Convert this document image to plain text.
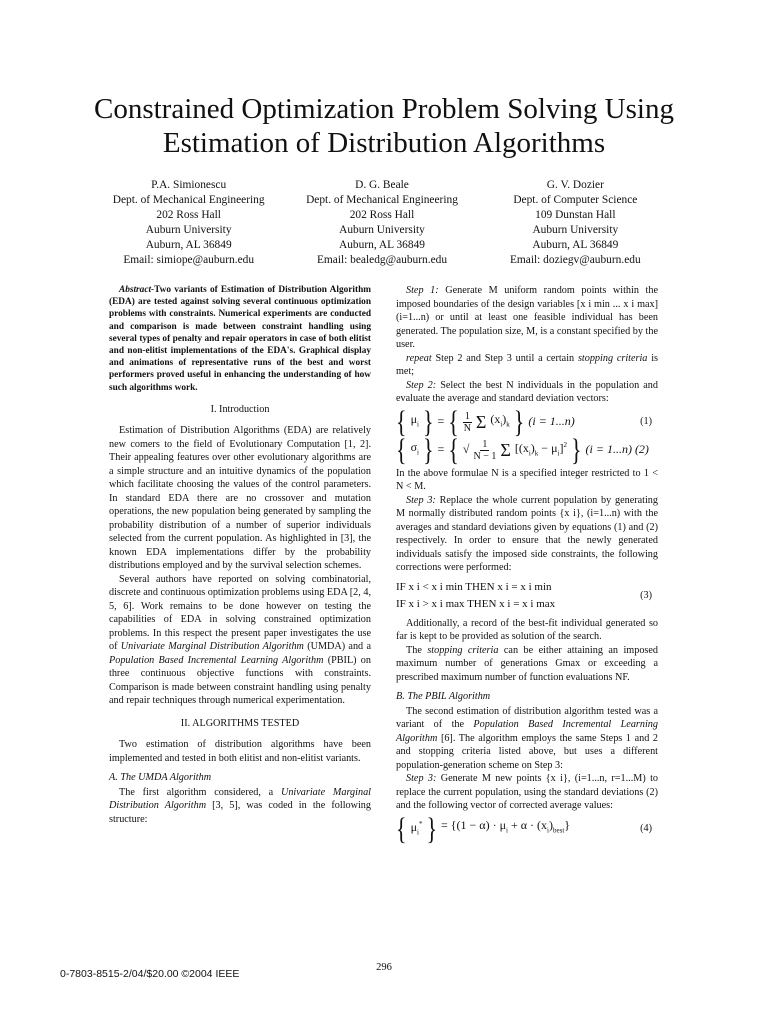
Constrained Optimization Problem Solving Using
Estimation of Distribution Algorithms
P.A. Simionescu
Dept. of Mechanical Engineering
202 Ross Hall
Auburn University
Auburn, AL 36849
Email: simiope@auburn.edu
D. G. Beale
Dept. of Mechanical Engineering
202 Ross Hall
Auburn University
Auburn, AL 36849
Email: bealedg@auburn.edu
G. V. Dozier
Dept. of Computer Science
109 Dunstan Hall
Auburn University
Auburn, AL 36849
Email: doziegv@auburn.edu

Abstract-Two variants of Estimation of Distribution Algorithm (EDA) are tested against solving several continuous optimization problems with constraints. Numerical experiments are conducted and comparison is made between constraint handling using several types of penalty and repair operators in case of both elitist and non-elitist implementations of the EDA's. Graphical display and animations of representative runs of the best and worst performers proved useful in enhancing the understanding of how such algorithms work.

I. Introduction

Estimation of Distribution Algorithms (EDA) are relatively new comers to the field of Evolutionary Computation [1, 2]. Their appealing features over other evolutionary algorithms are a simple structure and an intuitive dynamics of the population which facilitate choosing the values of the control parameters. In standard EDA there are no crossover and mutation operations, the new population being generated by sampling the probability distribution of a number of superior individuals selected from the current population. As highlighted in [3], the known EDA implementations differ by the probability distributions employed and by the survival selection schemes.

Several authors have reported on solving combinatorial, discrete and continuous optimization problems using EDA [2, 4, 5, 6]. Work remains to be done however on testing the capabilities of EDA in solving constrained optimization problems. In this respect the present paper investigates the use of Univariate Marginal Distribution Algorithm (UMDA) and a Population Based Incremental Learning Algorithm (PBIL) on three continuous objective functions with constraints. Comparison is made between constraint handling using penalty and repair techniques through numerical experimentation.

II. ALGORITHMS TESTED

Two estimation of distribution algorithms have been implemented and tested in both elitist and non-elitist variants.

A. The UMDA Algorithm

The first algorithm considered, a Univariate Marginal Distribution Algorithm [3, 5], was coded in the following structure:

Step 1: Generate M uniform random points within the imposed boundaries of the design variables [x i min ... x i max] (i=1...n) or until at least one feasible individual has been generated. The population size, M, is a constant specified by the user.

repeat Step 2 and Step 3 until a certain stopping criteria is met;

Step 2: Select the best N individuals in the population and evaluate the average and standard deviation vectors:

{ $\mu_i$ } = { $\frac{1}{N}$ Σ $(x_i)_k$ } (i = 1...n)	(1)
{ $\sigma_i$ } = { √ $\frac{1}{N - 1}$ Σ $[(x_i)_k - \mu_i]^2$ } (i = 1...n) (2)

In the above formulae N is a specified integer restricted to 1 < N < M.

Step 3: Replace the whole current population by generating M normally distributed random points {x i}, (i=1...n) with the averages and standard deviations given by equations (1) and (2) respectively. In order to ensure that the newly generated individuals satisfy the imposed side constraints, the following corrections were performed:

IF x i < x i min THEN x i = x i min
IF x i > x i max THEN x i = x i max
(3)

Additionally, a record of the best-fit individual generated so far is kept to be provided as solution of the search.

The stopping criteria can be either attaining an imposed maximum number of generations Gmax or exceeding a prescribed maximum number of function evaluations NF.

B. The PBIL Algorithm

The second estimation of distribution algorithm tested was a variant of the Population Based Incremental Learning Algorithm [6]. The algorithm employs the same Steps 1 and 2 and stopping criteria listed above, but uses a different population-generation scheme on Step 3:

Step 3: Generate M new points {x i}, (i=1...n, r=1...M) to replace the current population, using the standard deviations (2) and the following vector of corrected average values:

{ $\mu_i^*$ } = $\{(1 - \alpha) \cdot \mu_i + \alpha \cdot (x_i)_{best}\}$	(4)
296
0-7803-8515-2/04/$20.00 ©2004 IEEE
